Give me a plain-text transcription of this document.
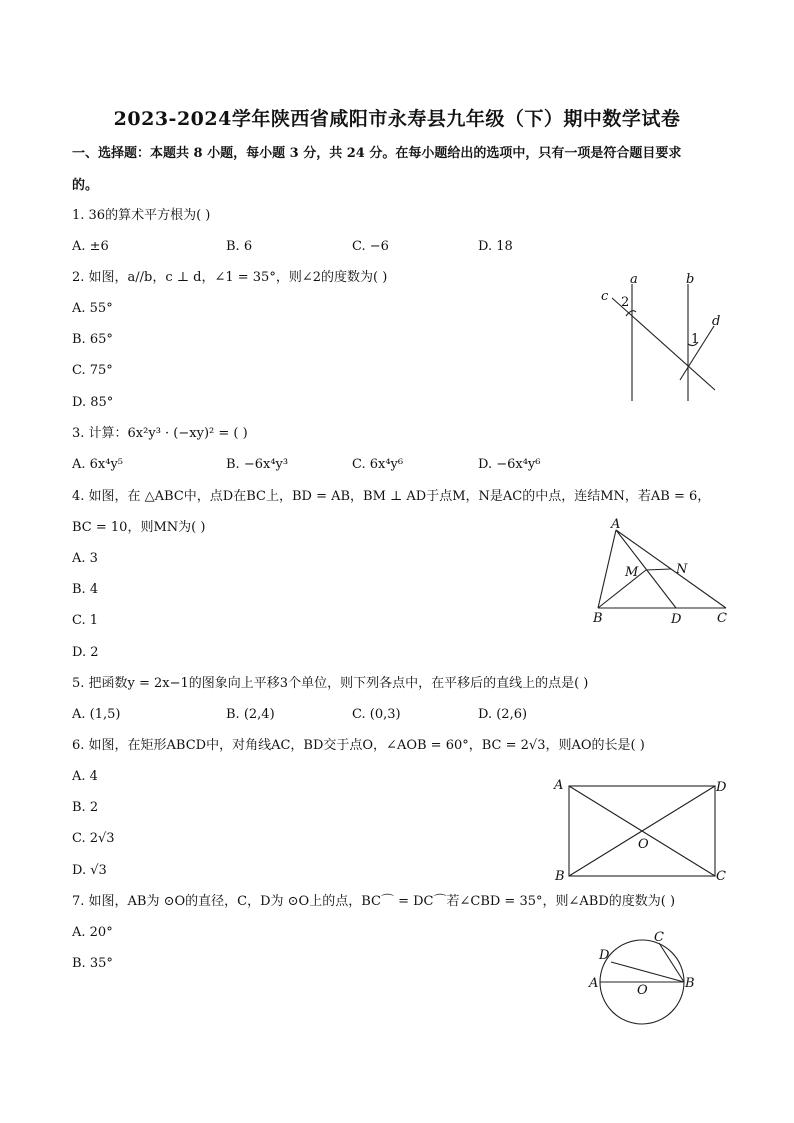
2023-2024学年陕西省咸阳市永寿县九年级（下）期中数学试卷
一、选择题：本题共 8 小题，每小题 3 分，共 24 分。在每小题给出的选项中，只有一项是符合题目要求
的。
1. 36的算术平方根为( )
A. ±6	B. 6	C. −6	D. 18
2. 如图，a//b，c ⊥ d，∠1 = 35°，则∠2的度数为( )
A. 55°
B. 65°
C. 75°
D. 85°
a	b
c
d
1
2
3. 计算：6x²y³ · (−xy)² = ( )
A. 6x⁴y⁵	B. −6x⁴y³	C. 6x⁴y⁶	D. −6x⁴y⁶
4. 如图，在 △ABC中，点D在BC上，BD = AB，BM ⊥ AD于点M，N是AC的中点，连结MN，若AB = 6，
BC = 10，则MN为( )
A. 3
B. 4
C. 1
D. 2
A
M	N
B	D	C
5. 把函数y = 2x−1的图象向上平移3个单位，则下列各点中，在平移后的直线上的点是( )
A. (1,5)	B. (2,4)	C. (0,3)	D. (2,6)
6. 如图，在矩形ABCD中，对角线AC，BD交于点O，∠AOB = 60°，BC = 2√3，则AO的长是( )
A. 4
B. 2
C. 2√3
D. √3
A	D
O
B	C
7. 如图，AB为 ⊙O的直径，C，D为 ⊙O上的点，BC⌒ = DC⌒若∠CBD = 35°，则∠ABD的度数为( )
A. 20°
B. 35°
D
C
A	O	B
